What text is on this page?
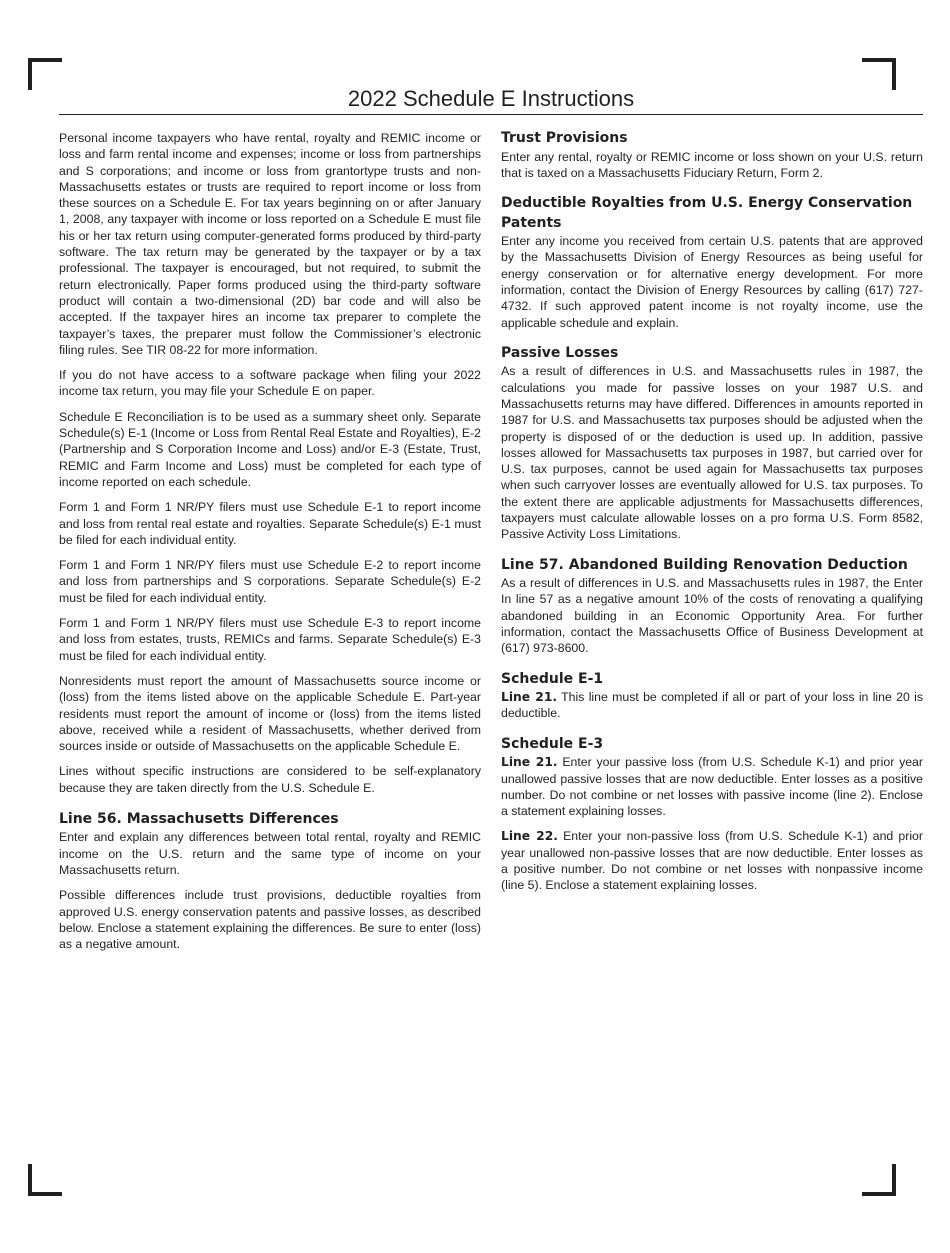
2022 Schedule E Instructions

Personal income taxpayers who have rental, royalty and REMIC income or loss and farm rental income and expenses; income or loss from partnerships and S corporations; and income or loss from grantortype trusts and non-Massachusetts estates or trusts are required to report income or loss from these sources on a Schedule E. For tax years beginning on or after January 1, 2008, any taxpayer with income or loss reported on a Schedule E must file his or her tax return using computer-generated forms produced by third-party software. The tax return may be generated by the taxpayer or by a tax professional. The taxpayer is encouraged, but not required, to submit the return electronically. Paper forms produced using the third-party software product will contain a two-dimensional (2D) bar code and will also be accepted. If the taxpayer hires an income tax preparer to complete the taxpayer’s taxes, the preparer must follow the Commissioner’s electronic filing rules. See TIR 08-22 for more information.

If you do not have access to a software package when filing your 2022 income tax return, you may file your Schedule E on paper.

Schedule E Reconciliation is to be used as a summary sheet only. Separate Schedule(s) E-1 (Income or Loss from Rental Real Estate and Royalties), E-2 (Partnership and S Corporation Income and Loss) and/or E-3 (Estate, Trust, REMIC and Farm Income and Loss) must be completed for each type of income reported on each schedule.

Form 1 and Form 1 NR/PY filers must use Schedule E-1 to report income and loss from rental real estate and royalties. Separate Schedule(s) E-1 must be filed for each individual entity.

Form 1 and Form 1 NR/PY filers must use Schedule E-2 to report income and loss from partnerships and S corporations. Separate Schedule(s) E-2 must be filed for each individual entity.

Form 1 and Form 1 NR/PY filers must use Schedule E-3 to report income and loss from estates, trusts, REMICs and farms. Separate Schedule(s) E-3 must be filed for each individual entity.

Nonresidents must report the amount of Massachusetts source income or (loss) from the items listed above on the applicable Schedule E. Part-year residents must report the amount of income or (loss) from the items listed above, received while a resident of Massachusetts, whether derived from sources inside or outside of Massachusetts on the applicable Schedule E.

Lines without specific instructions are considered to be self-explanatory because they are taken directly from the U.S. Schedule E.

Line 56. Massachusetts Differences

Enter and explain any differences between total rental, royalty and REMIC income on the U.S. return and the same type of income on your Massachusetts return.

Possible differences include trust provisions, deductible royalties from approved U.S. energy conservation patents and passive losses, as described below. Enclose a statement explaining the differences. Be sure to enter (loss) as a negative amount.

Trust Provisions

Enter any rental, royalty or REMIC income or loss shown on your U.S. return that is taxed on a Massachusetts Fiduciary Return, Form 2.

Deductible Royalties from U.S. Energy Conservation Patents

Enter any income you received from certain U.S. patents that are approved by the Massachusetts Division of Energy Resources as being useful for energy conservation or for alternative energy development. For more information, contact the Division of Energy Resources by calling (617) 727-4732. If such approved patent income is not royalty income, use the applicable schedule and explain.

Passive Losses

As a result of differences in U.S. and Massachusetts rules in 1987, the calculations you made for passive losses on your 1987 U.S. and Massachusetts returns may have differed. Differences in amounts reported in 1987 for U.S. and Massachusetts tax purposes should be adjusted when the property is disposed of or the deduction is used up. In addition, passive losses allowed for Massachusetts tax purposes in 1987, but carried over for U.S. tax purposes, cannot be used again for Massachusetts tax purposes when such carryover losses are eventually allowed for U.S. tax purposes. To the extent there are applicable adjustments for Massachusetts differences, taxpayers must calculate allowable losses on a pro forma U.S. Form 8582, Passive Activity Loss Limitations.

Line 57. Abandoned Building Renovation Deduction

As a result of differences in U.S. and Massachusetts rules in 1987, the Enter In line 57 as a negative amount 10% of the costs of renovating a qualifying abandoned building in an Economic Opportunity Area. For further information, contact the Massachusetts Office of Business Development at (617) 973-8600.

Schedule E-1

Line 21. This line must be completed if all or part of your loss in line 20 is deductible.

Schedule E-3

Line 21. Enter your passive loss (from U.S. Schedule K-1) and prior year unallowed passive losses that are now deductible. Enter losses as a positive number. Do not combine or net losses with passive income (line 2). Enclose a statement explaining losses.

Line 22. Enter your non-passive loss (from U.S. Schedule K-1) and prior year unallowed non-passive losses that are now deductible. Enter losses as a positive number. Do not combine or net losses with nonpassive income (line 5). Enclose a statement explaining losses.
